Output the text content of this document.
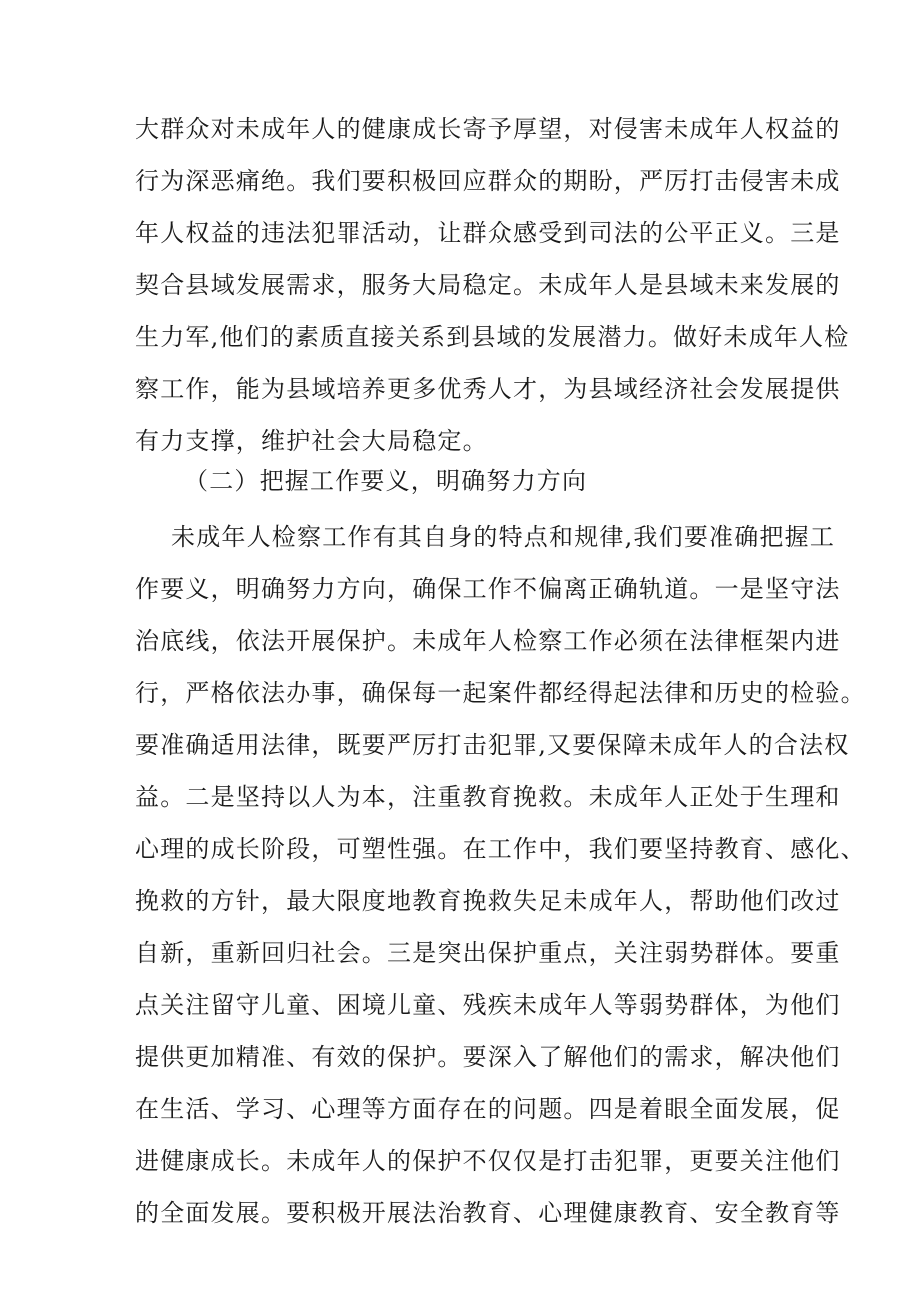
大群众对未成年人的健康成长寄予厚望，对侵害未成年人权益的
行为深恶痛绝。我们要积极回应群众的期盼，严厉打击侵害未成
年人权益的违法犯罪活动，让群众感受到司法的公平正义。三是
契合县域发展需求，服务大局稳定。未成年人是县域未来发展的
生力军,他们的素质直接关系到县域的发展潜力。做好未成年人检
察工作，能为县域培养更多优秀人才，为县域经济社会发展提供
有力支撑，维护社会大局稳定。
（二）把握工作要义，明确努力方向
未成年人检察工作有其自身的特点和规律,我们要准确把握工
作要义，明确努力方向，确保工作不偏离正确轨道。一是坚守法
治底线，依法开展保护。未成年人检察工作必须在法律框架内进
行，严格依法办事，确保每一起案件都经得起法律和历史的检验。
要准确适用法律，既要严厉打击犯罪,又要保障未成年人的合法权
益。二是坚持以人为本，注重教育挽救。未成年人正处于生理和
心理的成长阶段，可塑性强。在工作中，我们要坚持教育、感化、
挽救的方针，最大限度地教育挽救失足未成年人，帮助他们改过
自新，重新回归社会。三是突出保护重点，关注弱势群体。要重
点关注留守儿童、困境儿童、残疾未成年人等弱势群体，为他们
提供更加精准、有效的保护。要深入了解他们的需求，解决他们
在生活、学习、心理等方面存在的问题。四是着眼全面发展，促
进健康成长。未成年人的保护不仅仅是打击犯罪，更要关注他们
的全面发展。要积极开展法治教育、心理健康教育、安全教育等
